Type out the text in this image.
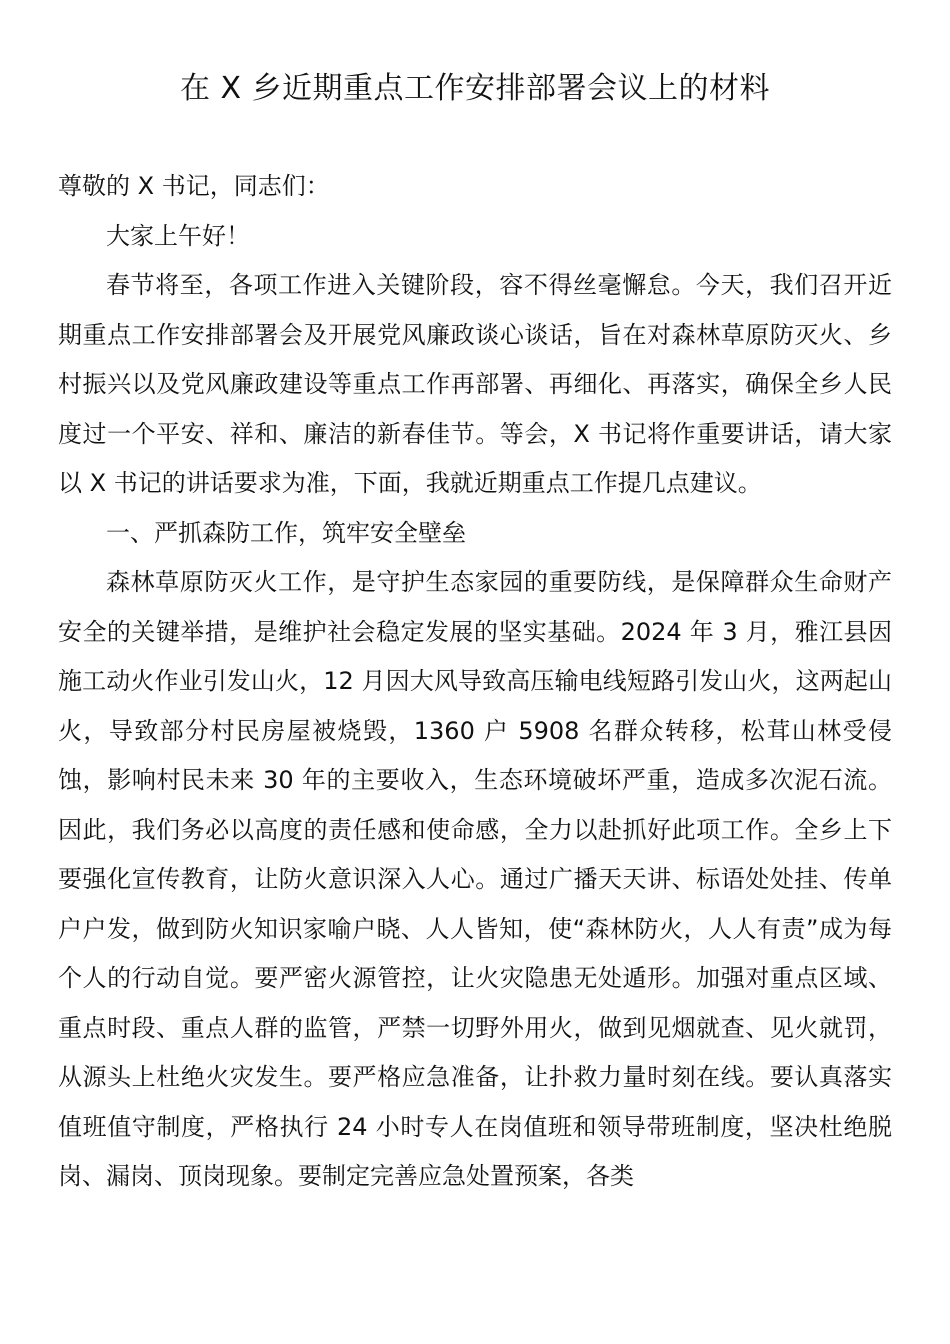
在 X 乡近期重点工作安排部署会议上的材料

尊敬的 X 书记，同志们：

大家上午好！

春节将至，各项工作进入关键阶段，容不得丝毫懈怠。今天，我们召开近期重点工作安排部署会及开展党风廉政谈心谈话，旨在对森林草原防灭火、乡村振兴以及党风廉政建设等重点工作再部署、再细化、再落实，确保全乡人民度过一个平安、祥和、廉洁的新春佳节。等会，X 书记将作重要讲话，请大家以 X 书记的讲话要求为准，下面，我就近期重点工作提几点建议。

一、严抓森防工作，筑牢安全壁垒

森林草原防灭火工作，是守护生态家园的重要防线，是保障群众生命财产安全的关键举措，是维护社会稳定发展的坚实基础。2024 年 3 月，雅江县因施工动火作业引发山火，12 月因大风导致高压输电线短路引发山火，这两起山火，导致部分村民房屋被烧毁，1360 户 5908 名群众转移，松茸山林受侵蚀，影响村民未来 30 年的主要收入，生态环境破坏严重，造成多次泥石流。因此，我们务必以高度的责任感和使命感，全力以赴抓好此项工作。全乡上下要强化宣传教育，让防火意识深入人心。通过广播天天讲、标语处处挂、传单户户发，做到防火知识家喻户晓、人人皆知，使“森林防火，人人有责”成为每个人的行动自觉。要严密火源管控，让火灾隐患无处遁形。加强对重点区域、重点时段、重点人群的监管，严禁一切野外用火，做到见烟就查、见火就罚，从源头上杜绝火灾发生。要严格应急准备，让扑救力量时刻在线。要认真落实值班值守制度，严格执行 24 小时专人在岗值班和领导带班制度，坚决杜绝脱岗、漏岗、顶岗现象。要制定完善应急处置预案，各类
